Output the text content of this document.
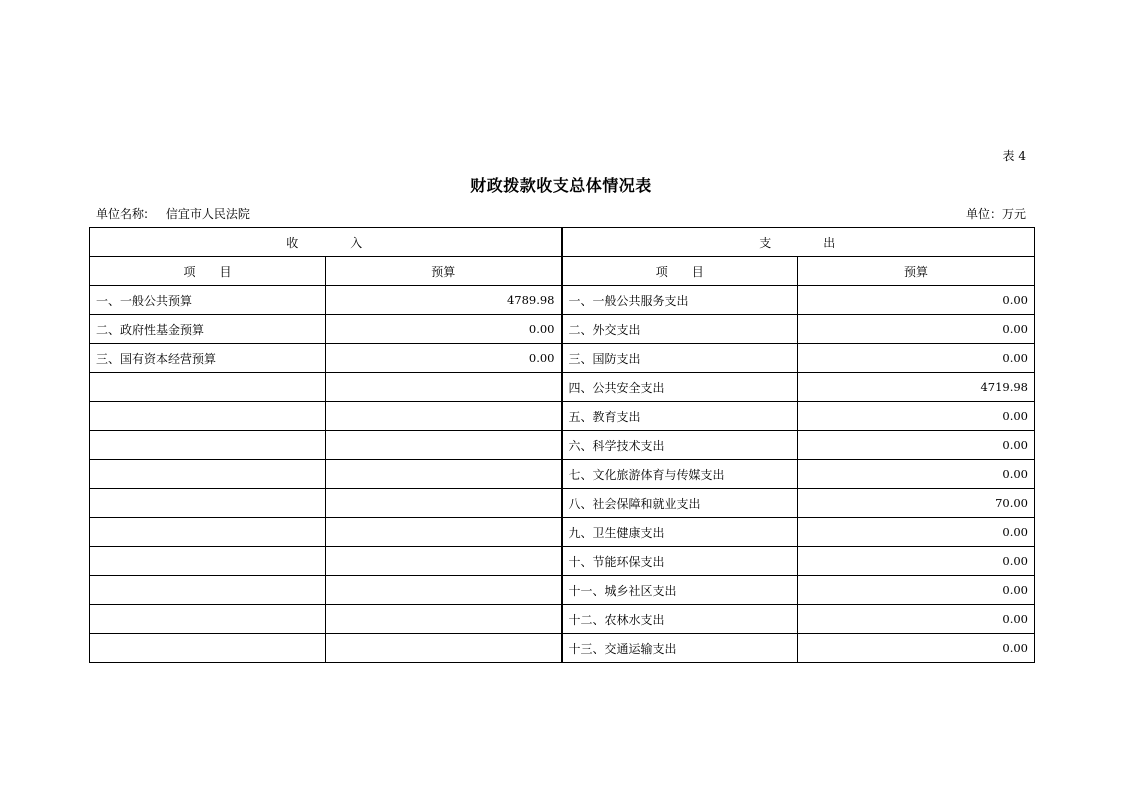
表 4
财政拨款收支总体情况表
单位名称: 信宜市人民法院	单位：万元
收 入		支 出	
项 目	预算	项 目	预算
一、一般公共预算	4789.98	一、一般公共服务支出	0.00
二、政府性基金预算	0.00	二、外交支出	0.00
三、国有资本经营预算	0.00	三、国防支出	0.00
		四、公共安全支出	4719.98
		五、教育支出	0.00
		六、科学技术支出	0.00
		七、文化旅游体育与传媒支出	0.00
		八、社会保障和就业支出	70.00
		九、卫生健康支出	0.00
		十、节能环保支出	0.00
		十一、城乡社区支出	0.00
		十二、农林水支出	0.00
		十三、交通运输支出	0.00
